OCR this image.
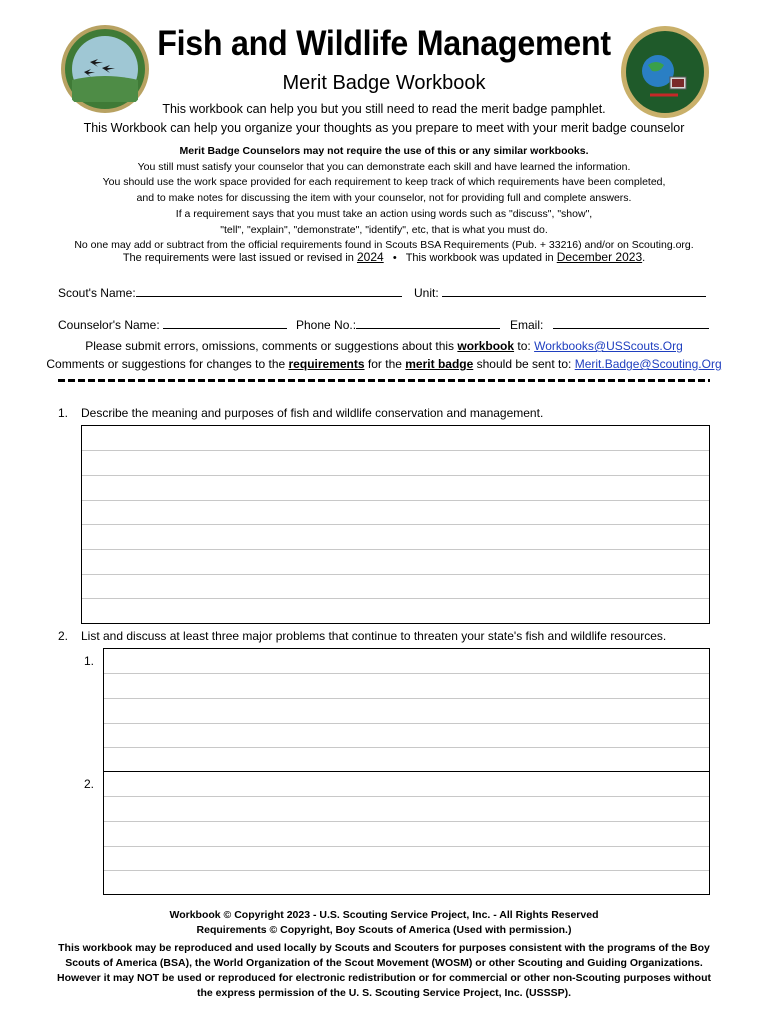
Fish and Wildlife Management
Merit Badge Workbook
This workbook can help you but you still need to read the merit badge pamphlet.
This Workbook can help you organize your thoughts as you prepare to meet with your merit badge counselor
Merit Badge Counselors may not require the use of this or any similar workbooks.
You still must satisfy your counselor that you can demonstrate each skill and have learned the information.
You should use the work space provided for each requirement to keep track of which requirements have been completed,
and to make notes for discussing the item with your counselor, not for providing full and complete answers.
If a requirement says that you must take an action using words such as "discuss", "show",
"tell", "explain", "demonstrate", "identify", etc, that is what you must do.
No one may add or subtract from the official requirements found in Scouts BSA Requirements (Pub. + 33216) and/or on Scouting.org.
The requirements were last issued or revised in 2024 • This workbook was updated in December 2023.
Scout's Name:	Unit:
Counselor's Name:	Phone No.:	Email:
Please submit errors, omissions, comments or suggestions about this workbook to: Workbooks@USScouts.Org
Comments or suggestions for changes to the requirements for the merit badge should be sent to: Merit.Badge@Scouting.Org
1. Describe the meaning and purposes of fish and wildlife conservation and management.
2. List and discuss at least three major problems that continue to threaten your state's fish and wildlife resources.
1.
2.
Workbook © Copyright 2023 - U.S. Scouting Service Project, Inc. - All Rights Reserved
Requirements © Copyright, Boy Scouts of America (Used with permission.)
This workbook may be reproduced and used locally by Scouts and Scouters for purposes consistent with the programs of the Boy
Scouts of America (BSA), the World Organization of the Scout Movement (WOSM) or other Scouting and Guiding Organizations.
However it may NOT be used or reproduced for electronic redistribution or for commercial or other non-Scouting purposes without
the express permission of the U. S. Scouting Service Project, Inc. (USSSP).
